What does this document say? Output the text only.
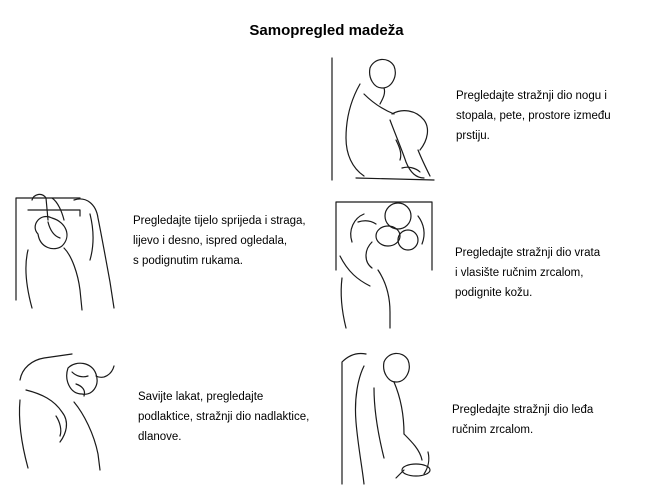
Samopregled madeža
Pregledajte tijelo sprijeda i straga,
lijevo i desno, ispred ogledala,
s podignutim rukama.
Savijte lakat, pregledajte
podlaktice, stražnji dio nadlaktice,
dlanove.
Pregledajte stražnji dio nogu i
stopala, pete, prostore između
prstiju.
Pregledajte stražnji dio vrata
i vlasište ručnim zrcalom,
podignite kožu.
Pregledajte stražnji dio leđa
ručnim zrcalom.
